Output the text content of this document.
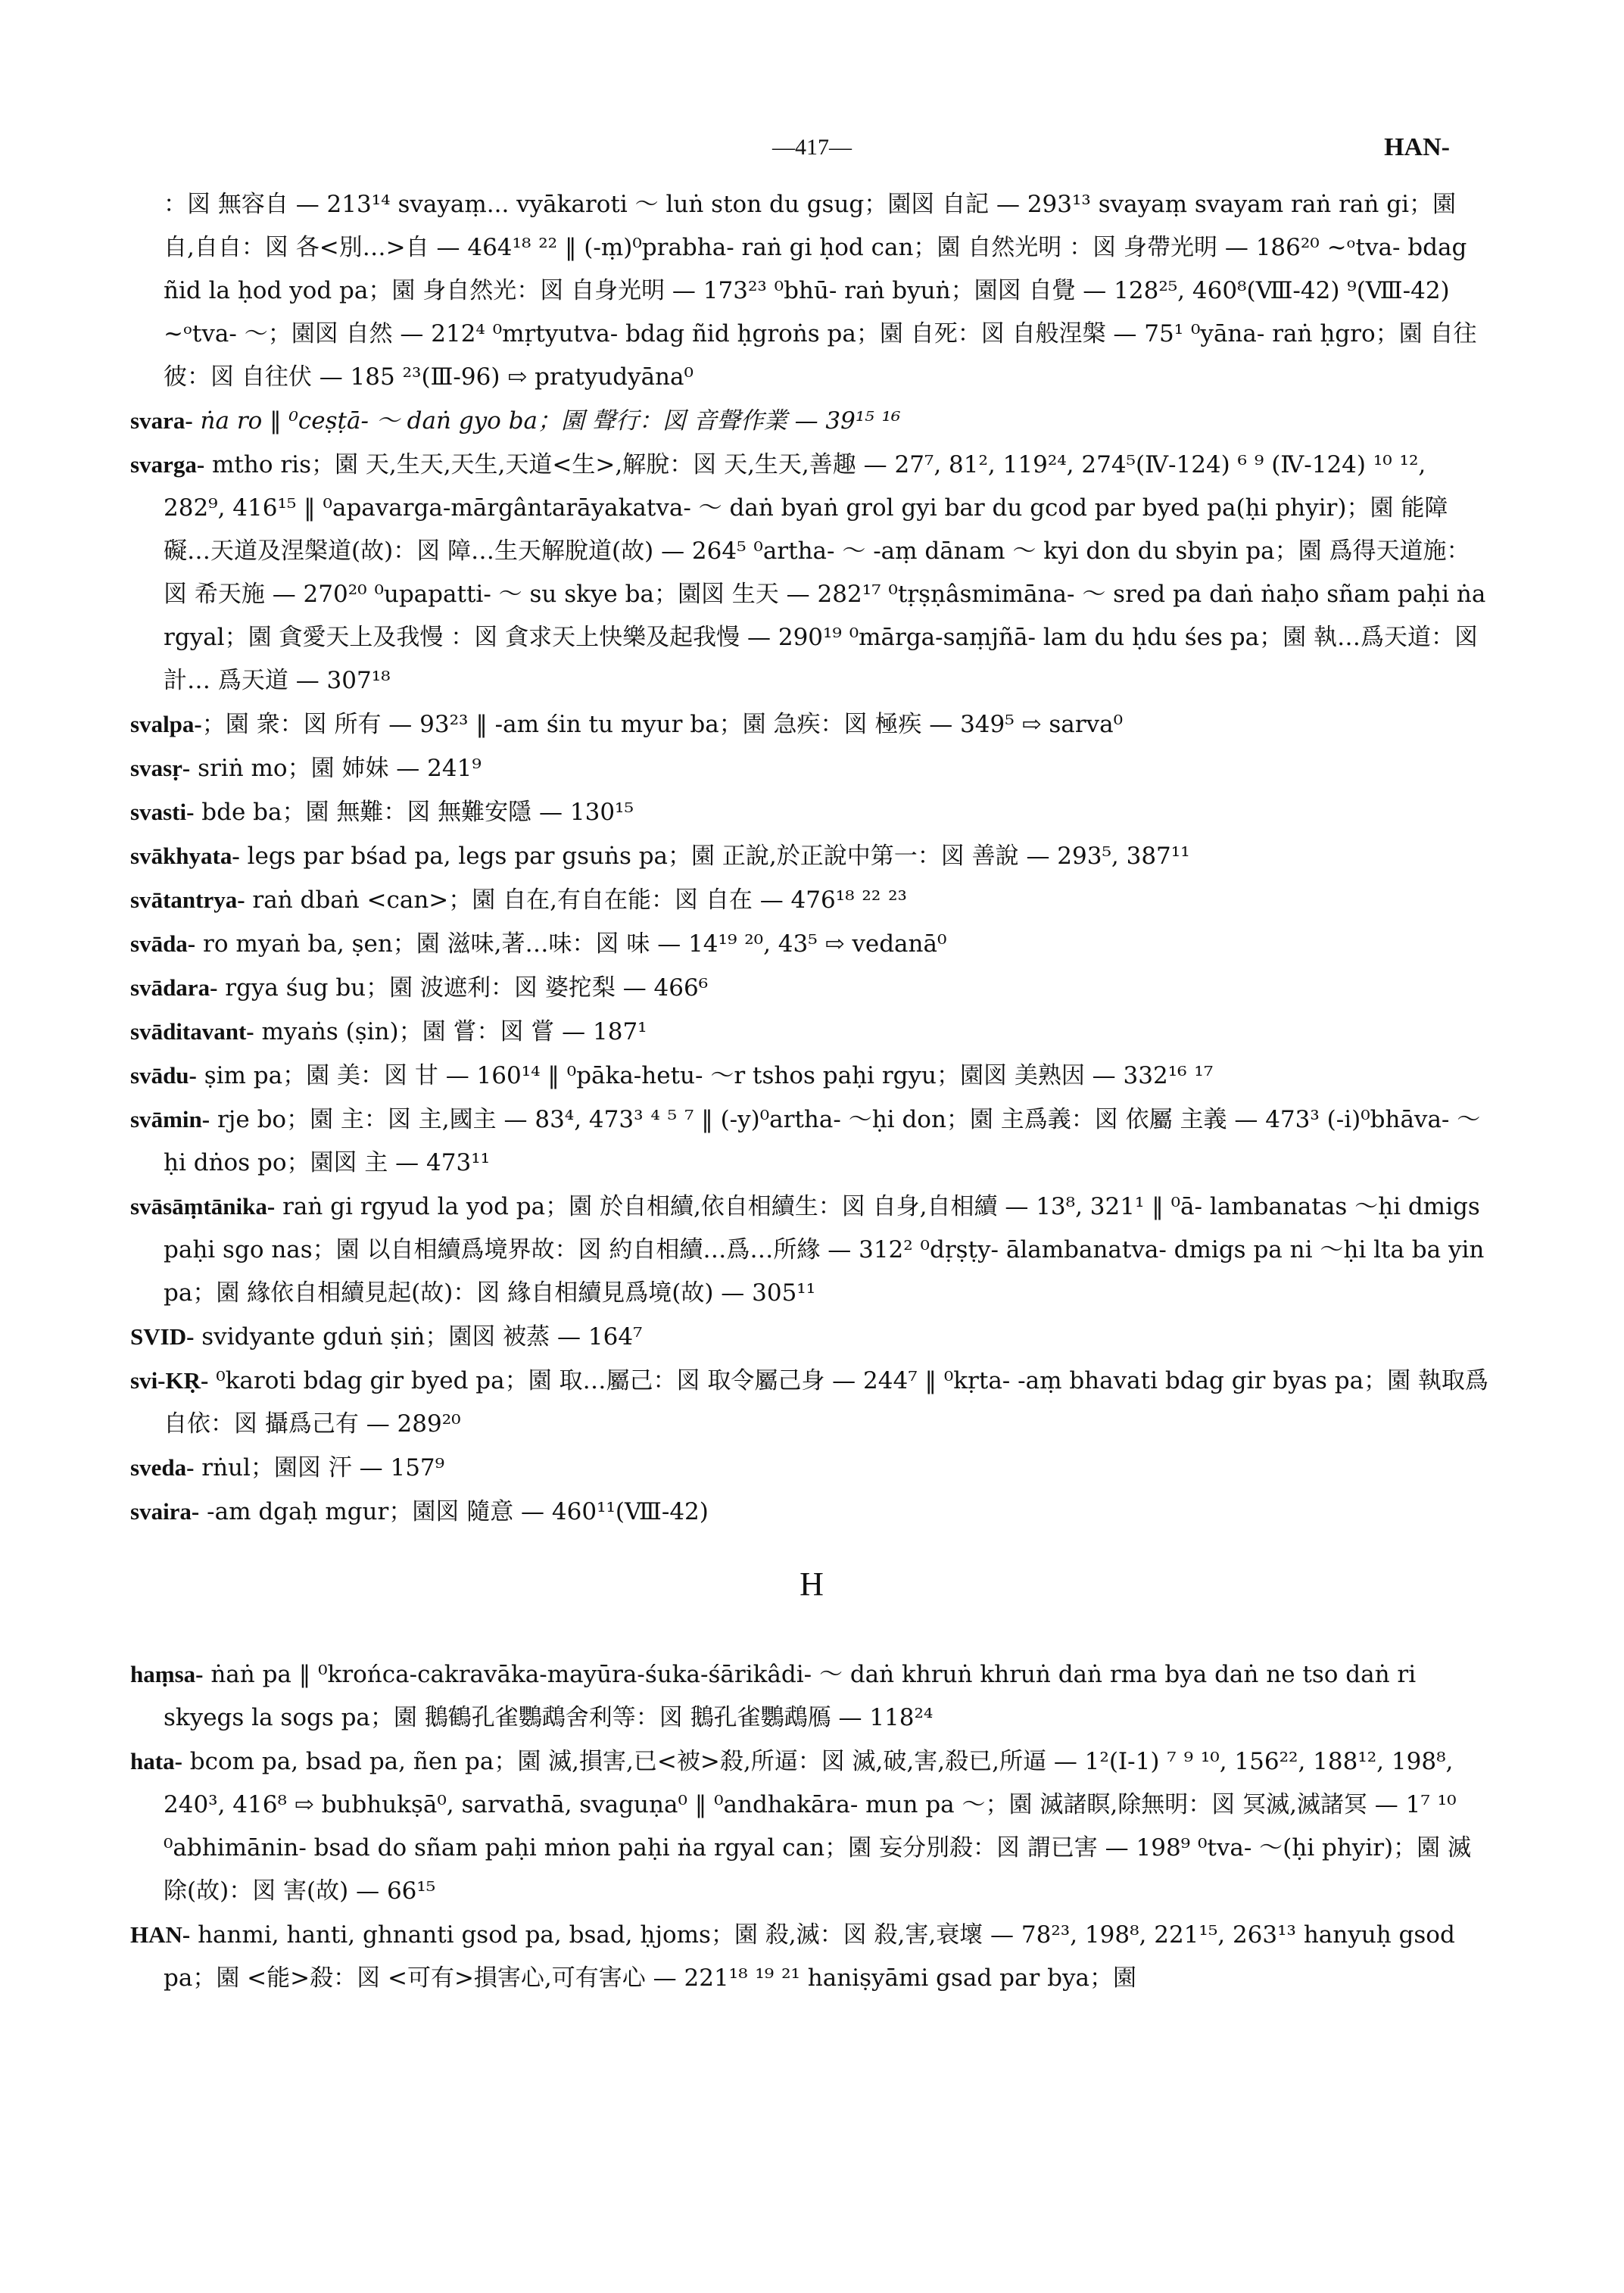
—417—	HAN-

：図 無容自 — 213¹⁴ svayaṃ... vyākaroti ～ luṅ ston du gsug；園図 自記 — 293¹³ svayaṃ svayam raṅ raṅ gi；園 自,自自：図 各<別…>自 — 464¹⁸ ²² ‖ (-ṃ)⁰prabha- raṅ gi ḥod can；園 自然光明 ：図 身帶光明 — 186²⁰ ~ᵒtva- bdag ñid la ḥod yod pa；園 身自然光：図 自身光明 — 173²³ ⁰bhū- raṅ byuṅ；園図 自覺 — 128²⁵, 460⁸(Ⅷ-42) ⁹(Ⅷ-42) ~ᵒtva- ～；園図 自然 — 212⁴ ⁰mṛtyutva- bdag ñid ḥgroṅs pa；園 自死：図 自般涅槃 — 75¹ ⁰yāna- raṅ ḥgro；園 自往彼：図 自往伏 — 185 ²³(Ⅲ-96) ⇨ pratyudyāna⁰

svara- ṅa ro ‖ ⁰ceṣṭā- ～ daṅ gyo ba；園 聲行：図 音聲作業 — 39¹⁵ ¹⁶

svarga- mtho ris；園 天,生天,天生,天道<生>,解脫：図 天,生天,善趣 — 27⁷, 81², 119²⁴, 274⁵(Ⅳ-124) ⁶ ⁹ (Ⅳ-124) ¹⁰ ¹², 282⁹, 416¹⁵ ‖ ⁰apavarga-mārgântarāyakatva- ～ daṅ byaṅ grol gyi bar du gcod par byed pa(ḥi phyir)；園 能障礙…天道及涅槃道(故)：図 障…生天解脫道(故) — 264⁵ ⁰artha- ～ -aṃ dānam ～ kyi don du sbyin pa；園 爲得天道施：図 希天施 — 270²⁰ ⁰upapatti- ～ su skye ba；園図 生天 — 282¹⁷ ⁰tṛṣṇâsmimāna- ～ sred pa daṅ ṅaḥo sñam paḥi ṅa rgyal；園 貪愛天上及我慢 ：図 貪求天上快樂及起我慢 — 290¹⁹ ⁰mārga-saṃjñā- lam du ḥdu śes pa；園 執…爲天道：図 計… 爲天道 — 307¹⁸

svalpa-；園 衆：図 所有 — 93²³ ‖ -am śin tu myur ba；園 急疾：図 極疾 — 349⁵ ⇨ sarva⁰

svasṛ- sriṅ mo；園 姉妹 — 241⁹

svasti- bde ba；園 無難：図 無難安隱 — 130¹⁵

svākhyata- legs par bśad pa, legs par gsuṅs pa；園 正說,於正說中第一：図 善說 — 293⁵, 387¹¹

svātantrya- raṅ dbaṅ <can>；園 自在,有自在能：図 自在 — 476¹⁸ ²² ²³

svāda- ro myaṅ ba, ṣen；園 滋味,著…味：図 味 — 14¹⁹ ²⁰, 43⁵ ⇨ vedanā⁰

svādara- rgya śug bu；園 波遮利：図 婆拕梨 — 466⁶

svāditavant- myaṅs (ṣin)；園 嘗：図 嘗 — 187¹

svādu- ṣim pa；園 美：図 甘 — 160¹⁴ ‖ ⁰pāka-hetu- ～r tshos paḥi rgyu；園図 美熟因 — 332¹⁶ ¹⁷

svāmin- rje bo；園 主：図 主,國主 — 83⁴, 473³ ⁴ ⁵ ⁷ ‖ (-y)⁰artha- ～ḥi don；園 主爲義：図 依屬 主義 — 473³ (-i)⁰bhāva- ～ḥi dṅos po；園図 主 — 473¹¹

svāsāṃtānika- raṅ gi rgyud la yod pa；園 於自相續,依自相續生：図 自身,自相續 — 13⁸, 321¹ ‖ ⁰ā- lambanatas ～ḥi dmigs paḥi sgo nas；園 以自相續爲境界故：図 約自相續…爲…所緣 — 312² ⁰dṛṣṭy- ālambanatva- dmigs pa ni ～ḥi lta ba yin pa；園 緣依自相續見起(故)：図 緣自相續見爲境(故) — 305¹¹

SVID- svidyante gduṅ ṣiṅ；園図 被蒸 — 164⁷

svi-KṚ- ⁰karoti bdag gir byed pa；園 取…屬己：図 取令屬己身 — 244⁷ ‖ ⁰kṛta- -aṃ bhavati bdag gir byas pa；園 執取爲自依：図 攝爲己有 — 289²⁰

sveda- rṅul；園図 汗 — 157⁹

svaira- -am dgaḥ mgur；園図 隨意 — 460¹¹(Ⅷ-42)

H

haṃsa- ṅaṅ pa ‖ ⁰krońca-cakravāka-mayūra-śuka-śārikâdi- ～ daṅ khruṅ khruṅ daṅ rma bya daṅ ne tso daṅ ri skyegs la sogs pa；園 鵝鶴孔雀鸚鵡舍利等：図 鵝孔雀鸚鵡鴈 — 118²⁴

hata- bcom pa, bsad pa, ñen pa；園 滅,損害,已<被>殺,所逼：図 滅,破,害,殺已,所逼 — 1²(Ⅰ-1) ⁷ ⁹ ¹⁰, 156²², 188¹², 198⁸, 240³, 416⁸ ⇨ bubhukṣā⁰, sarvathā, svaguṇa⁰ ‖ ⁰andhakāra- mun pa ～；園 滅諸瞑,除無明：図 冥滅,滅諸冥 — 1⁷ ¹⁰ ⁰abhimānin- bsad do sñam paḥi mṅon paḥi ṅa rgyal can；園 妄分別殺：図 謂已害 — 198⁹ ⁰tva- ～(ḥi phyir)；園 滅除(故)：図 害(故) — 66¹⁵

HAN- hanmi, hanti, ghnanti gsod pa, bsad, ḥjoms；園 殺,滅：図 殺,害,衰壞 — 78²³, 198⁸, 221¹⁵, 263¹³ hanyuḥ gsod pa；園 <能>殺：図 <可有>損害心,可有害心 — 221¹⁸ ¹⁹ ²¹ haniṣyāmi gsad par bya；園
